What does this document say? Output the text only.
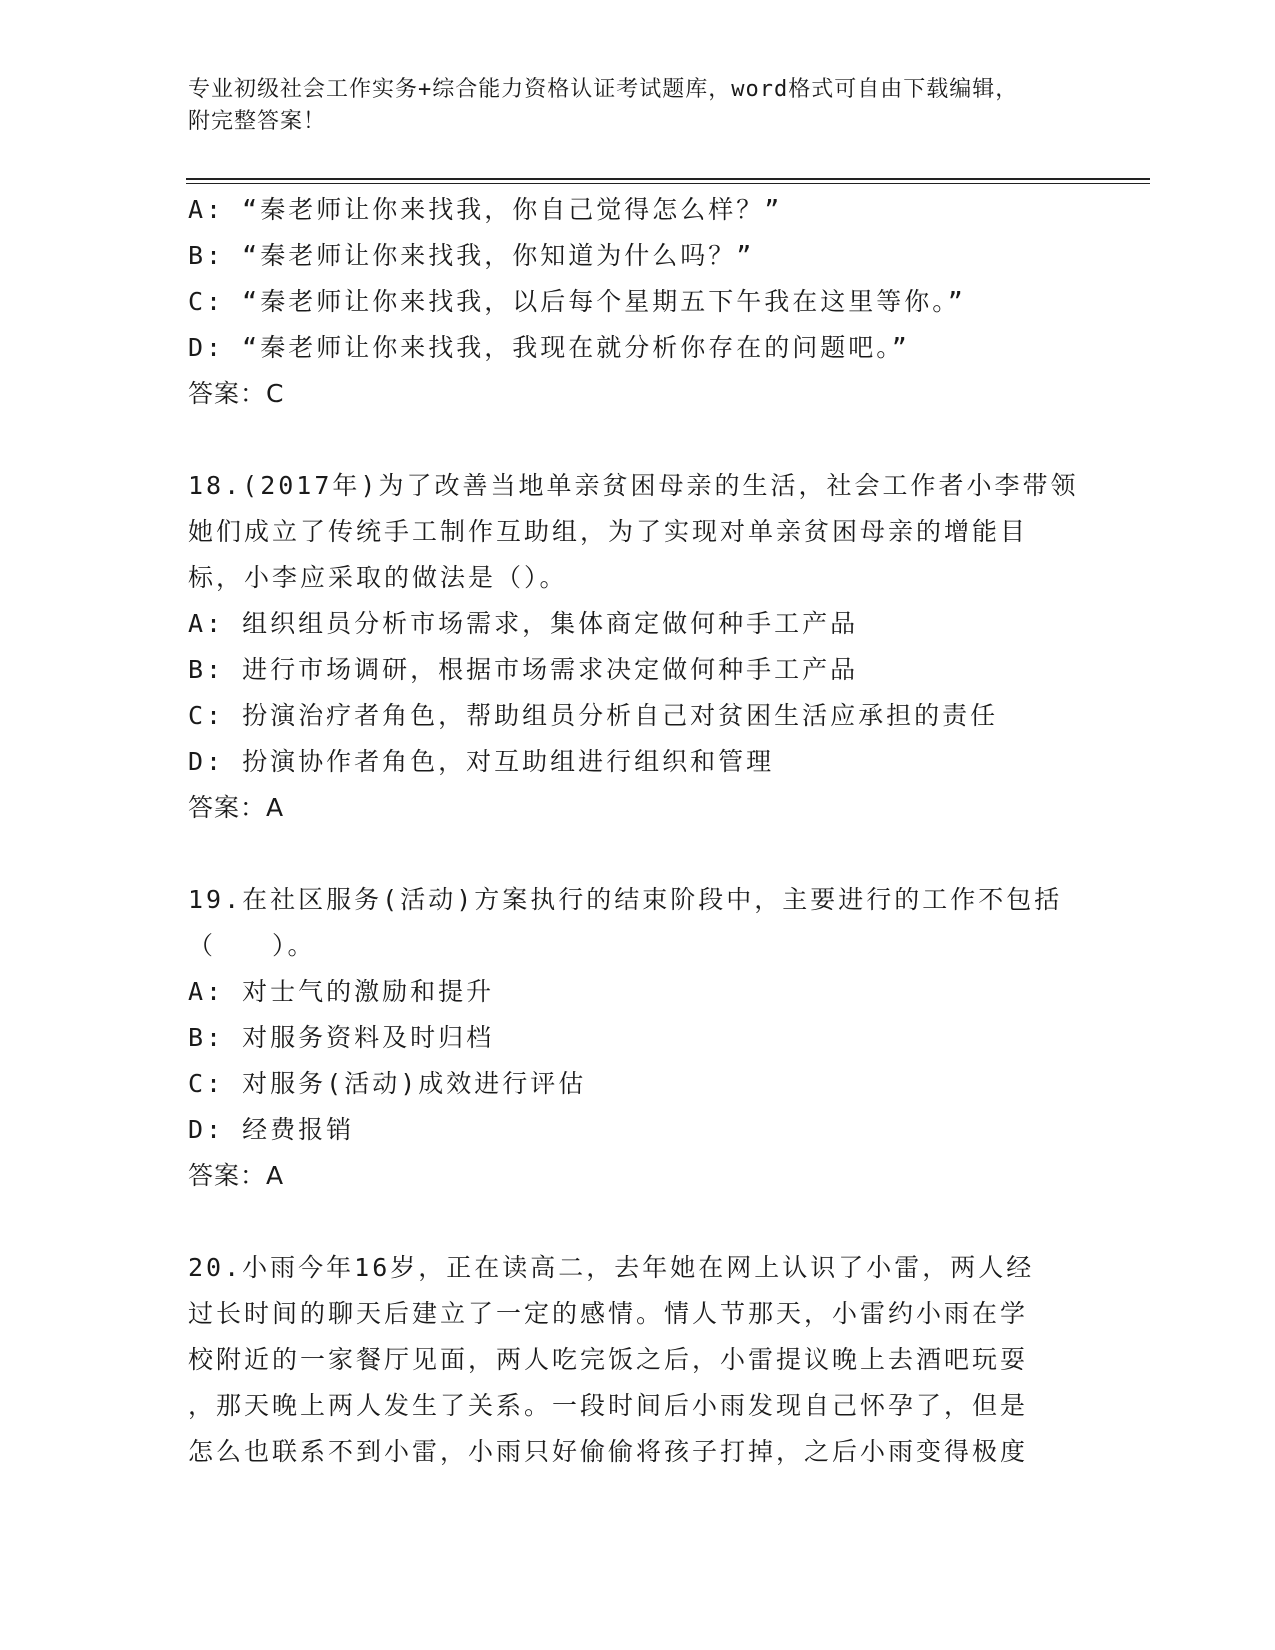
专业初级社会工作实务+综合能力资格认证考试题库，word格式可自由下载编辑，
附完整答案！
A: “秦老师让你来找我，你自己觉得怎么样？”
B: “秦老师让你来找我，你知道为什么吗？”
C: “秦老师让你来找我，以后每个星期五下午我在这里等你。”
D: “秦老师让你来找我，我现在就分析你存在的问题吧。”
答案：C
18.(2017年)为了改善当地单亲贫困母亲的生活，社会工作者小李带领
她们成立了传统手工制作互助组，为了实现对单亲贫困母亲的增能目
标，小李应采取的做法是（）。
A: 组织组员分析市场需求，集体商定做何种手工产品
B: 进行市场调研，根据市场需求决定做何种手工产品
C: 扮演治疗者角色，帮助组员分析自己对贫困生活应承担的责任
D: 扮演协作者角色，对互助组进行组织和管理
答案：A
19.在社区服务(活动)方案执行的结束阶段中，主要进行的工作不包括
（　　）。
A: 对士气的激励和提升
B: 对服务资料及时归档
C: 对服务(活动)成效进行评估
D: 经费报销
答案：A
20.小雨今年16岁，正在读高二，去年她在网上认识了小雷，两人经
过长时间的聊天后建立了一定的感情。情人节那天，小雷约小雨在学
校附近的一家餐厅见面，两人吃完饭之后，小雷提议晚上去酒吧玩耍
，那天晚上两人发生了关系。一段时间后小雨发现自己怀孕了，但是
怎么也联系不到小雷，小雨只好偷偷将孩子打掉，之后小雨变得极度
